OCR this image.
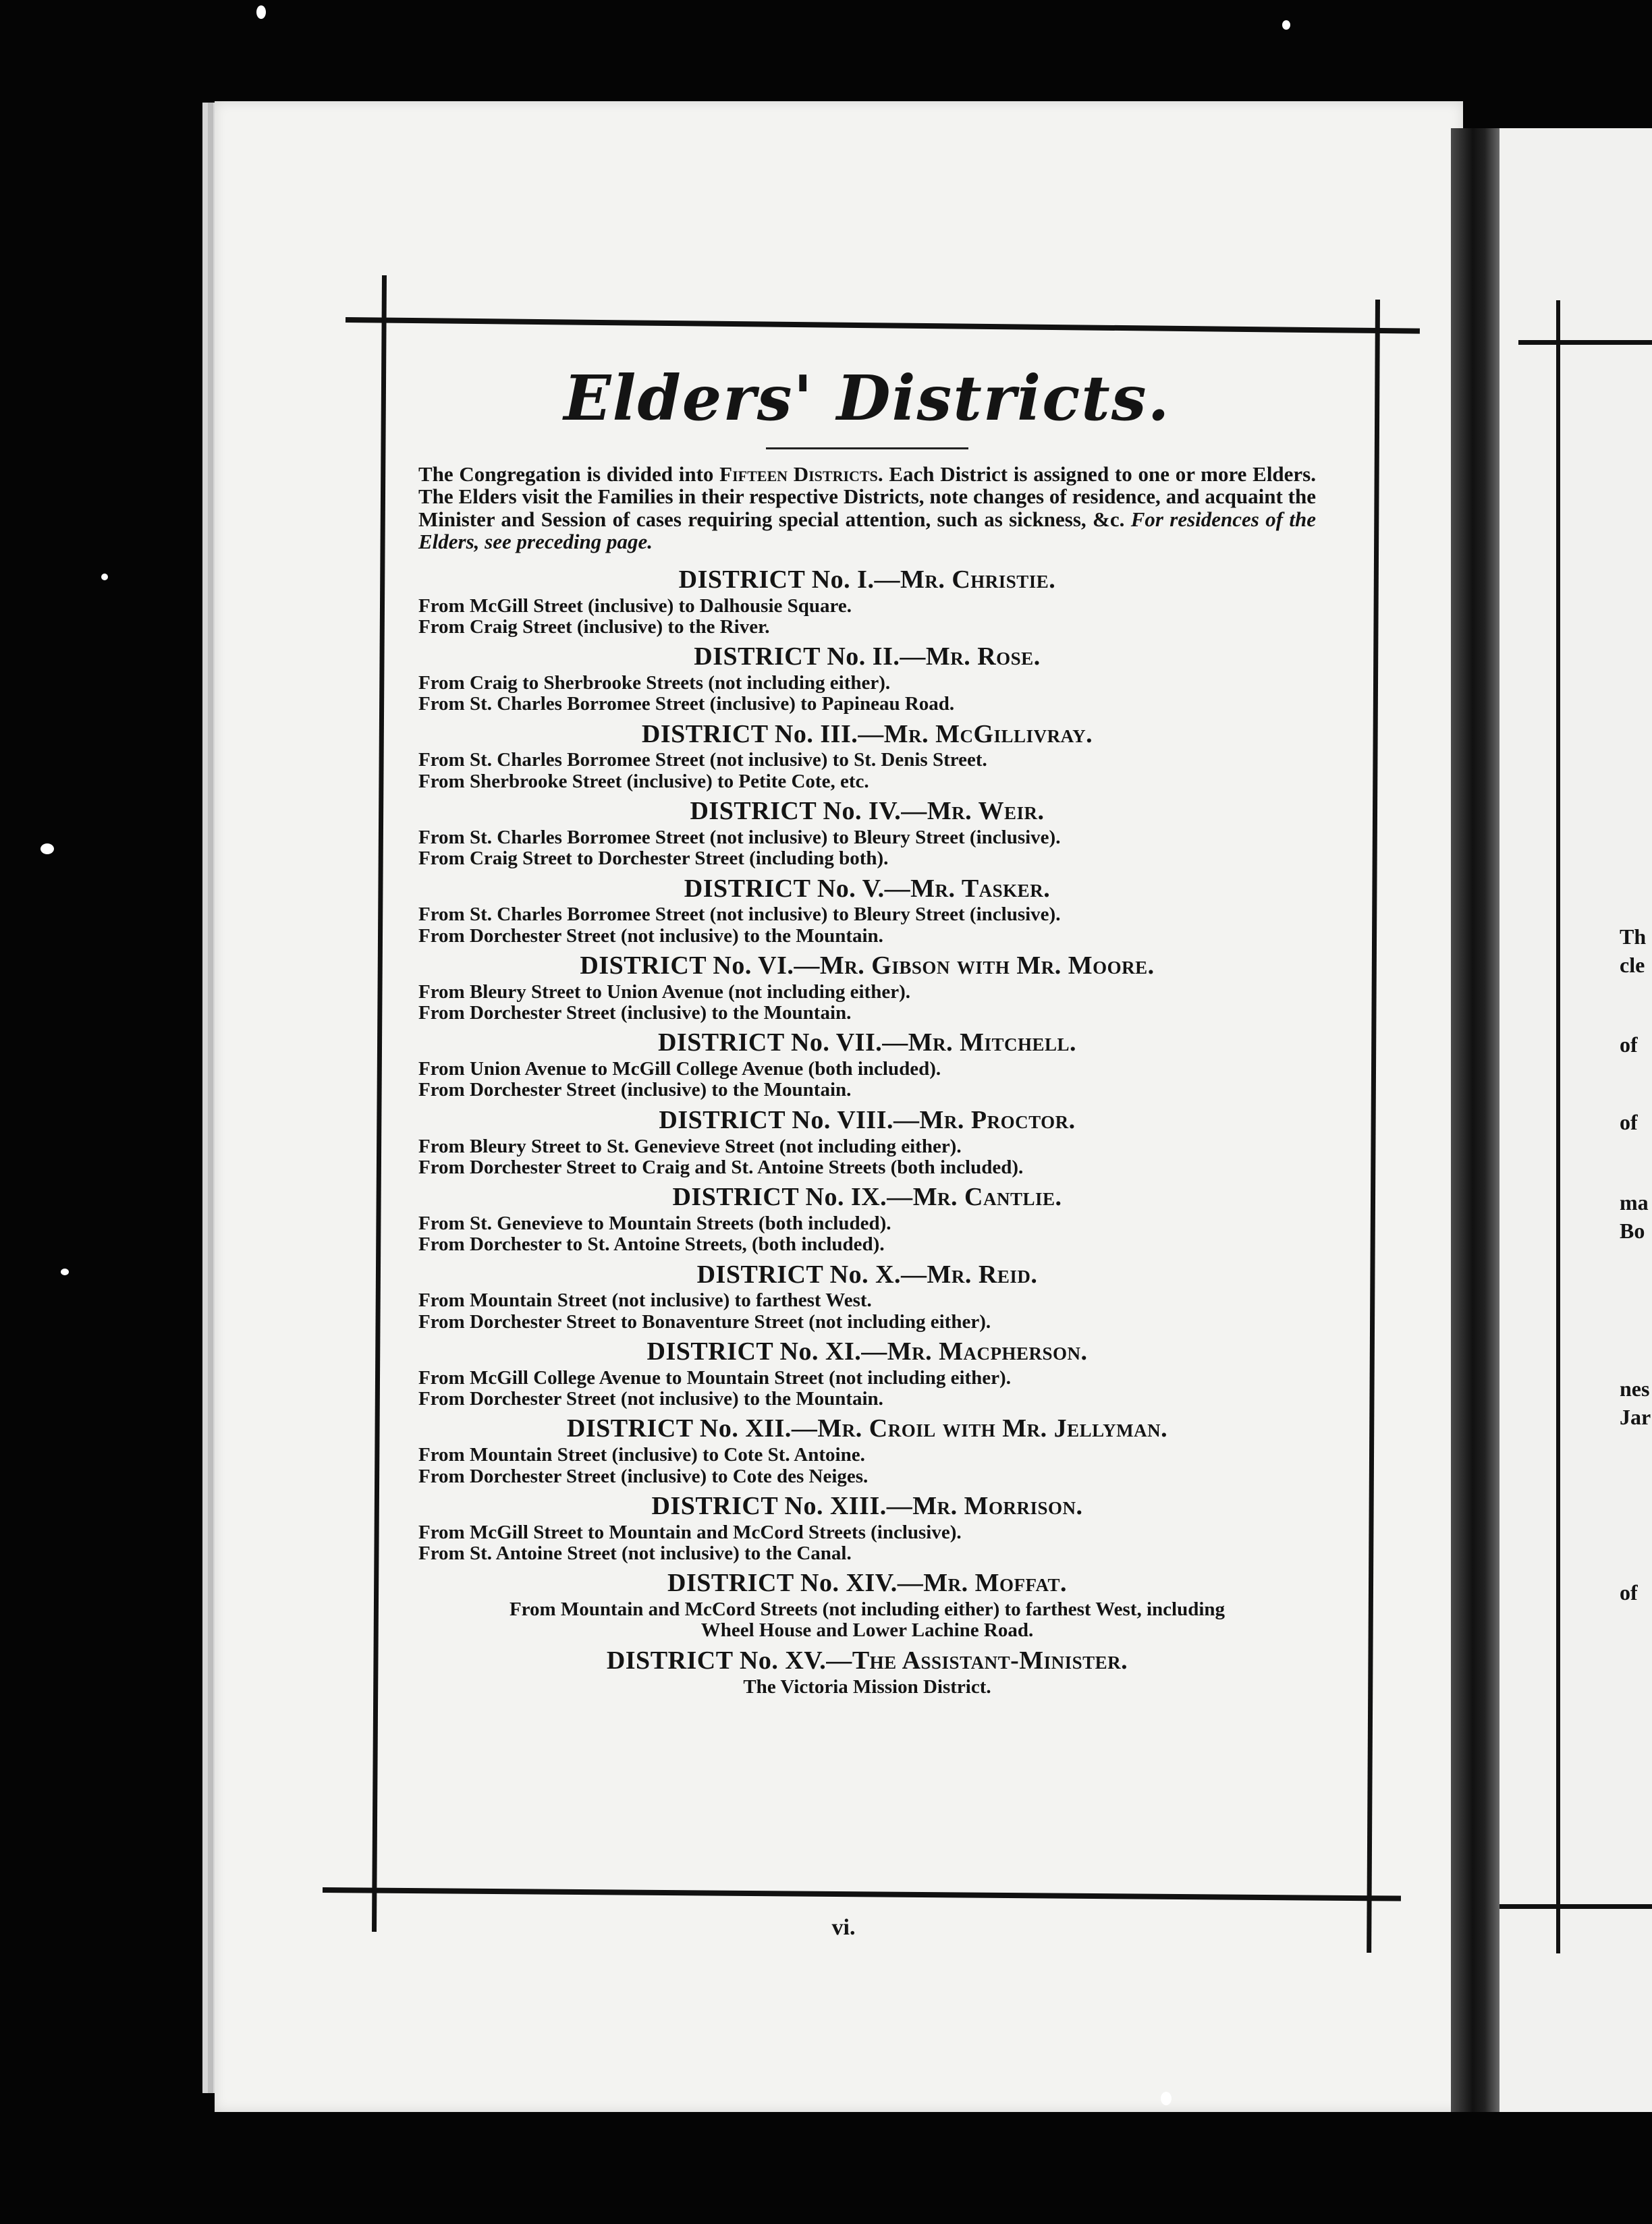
Elders' Districts.

The Congregation is divided into Fifteen Districts. Each District is assigned to one or more Elders. The Elders visit the Families in their respective Districts, note changes of residence, and acquaint the Minister and Session of cases requiring special attention, such as sickness, &c. For residences of the Elders, see preceding page.

DISTRICT No. I.—Mr. Christie.
From McGill Street (inclusive) to Dalhousie Square.
From Craig Street (inclusive) to the River.
DISTRICT No. II.—Mr. Rose.
From Craig to Sherbrooke Streets (not including either).
From St. Charles Borromee Street (inclusive) to Papineau Road.
DISTRICT No. III.—Mr. McGillivray.
From St. Charles Borromee Street (not inclusive) to St. Denis Street.
From Sherbrooke Street (inclusive) to Petite Cote, etc.
DISTRICT No. IV.—Mr. Weir.
From St. Charles Borromee Street (not inclusive) to Bleury Street (inclusive).
From Craig Street to Dorchester Street (including both).
DISTRICT No. V.—Mr. Tasker.
From St. Charles Borromee Street (not inclusive) to Bleury Street (inclusive).
From Dorchester Street (not inclusive) to the Mountain.
DISTRICT No. VI.—Mr. Gibson with Mr. Moore.
From Bleury Street to Union Avenue (not including either).
From Dorchester Street (inclusive) to the Mountain.
DISTRICT No. VII.—Mr. Mitchell.
From Union Avenue to McGill College Avenue (both included).
From Dorchester Street (inclusive) to the Mountain.
DISTRICT No. VIII.—Mr. Proctor.
From Bleury Street to St. Genevieve Street (not including either).
From Dorchester Street to Craig and St. Antoine Streets (both included).
DISTRICT No. IX.—Mr. Cantlie.
From St. Genevieve to Mountain Streets (both included).
From Dorchester to St. Antoine Streets, (both included).
DISTRICT No. X.—Mr. Reid.
From Mountain Street (not inclusive) to farthest West.
From Dorchester Street to Bonaventure Street (not including either).
DISTRICT No. XI.—Mr. Macpherson.
From McGill College Avenue to Mountain Street (not including either).
From Dorchester Street (not inclusive) to the Mountain.
DISTRICT No. XII.—Mr. Croil with Mr. Jellyman.
From Mountain Street (inclusive) to Cote St. Antoine.
From Dorchester Street (inclusive) to Cote des Neiges.
DISTRICT No. XIII.—Mr. Morrison.
From McGill Street to Mountain and McCord Streets (inclusive).
From St. Antoine Street (not inclusive) to the Canal.
DISTRICT No. XIV.—Mr. Moffat.
From Mountain and McCord Streets (not including either) to farthest West, including
Wheel House and Lower Lachine Road.
DISTRICT No. XV.—The Assistant-Minister.
The Victoria Mission District.
vi.
Th
cle
of
of
ma
Bo
nes
Jar
of
